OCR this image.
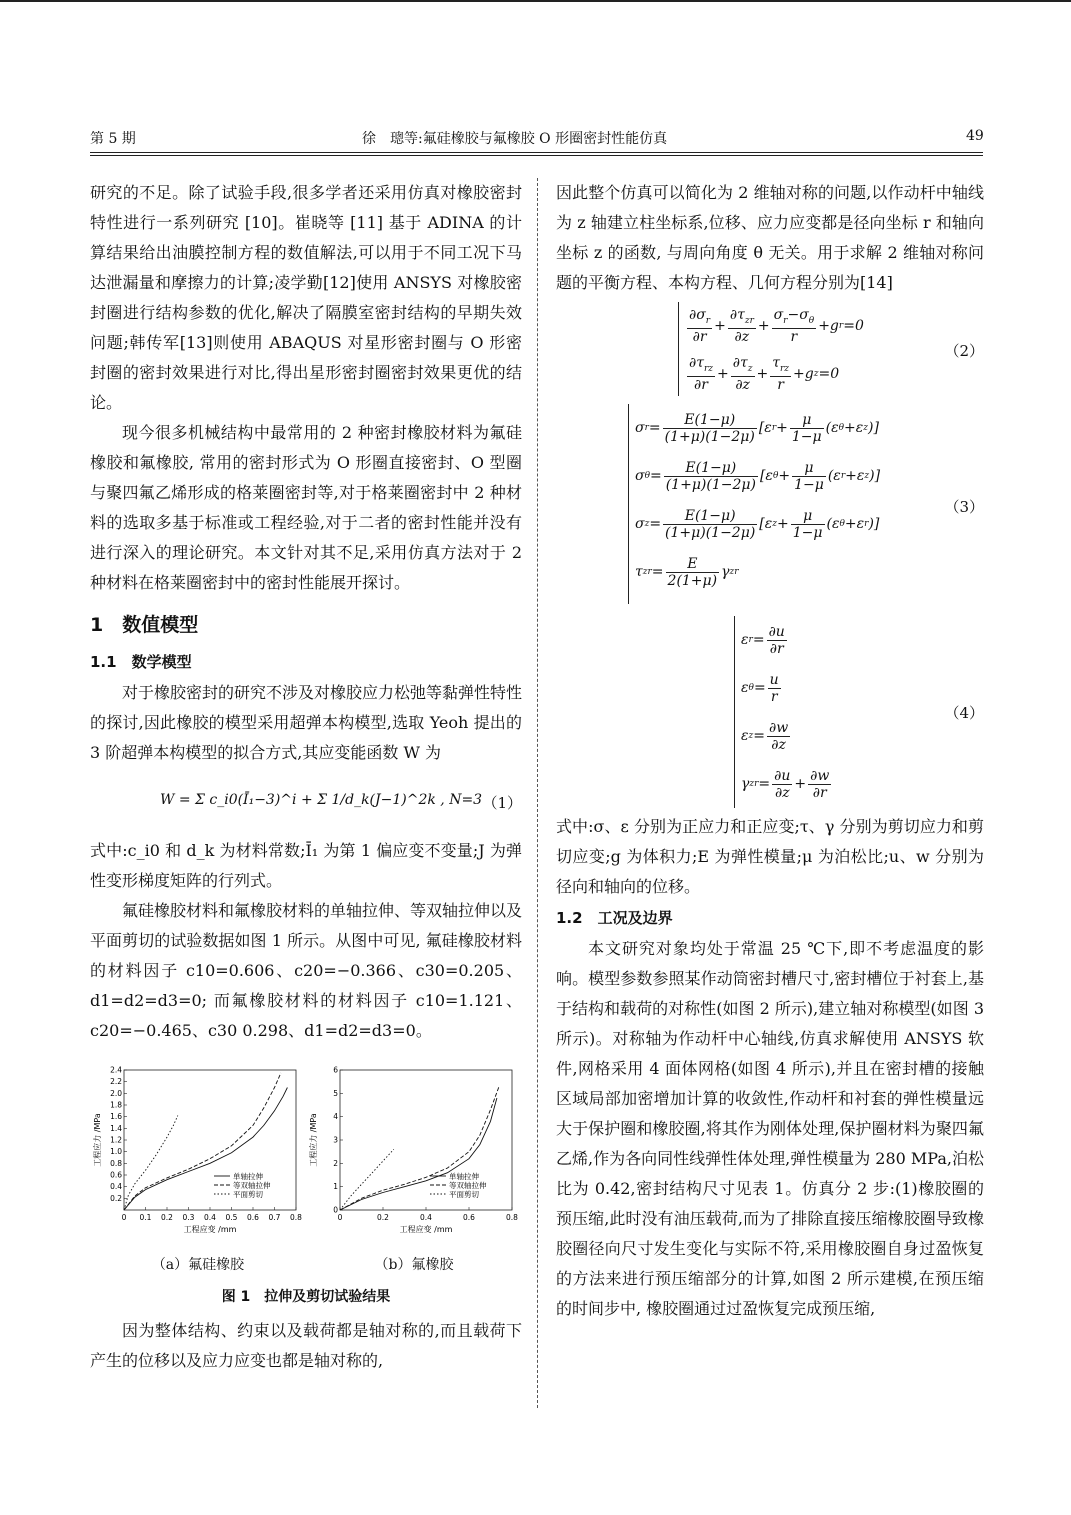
第 5 期	徐　璁等:氟硅橡胶与氟橡胶 O 形圈密封性能仿真	49

研究的不足。除了试验手段,很多学者还采用仿真对橡胶密封特性进行一系列研究 [10]。崔晓等 [11] 基于 ADINA 的计算结果给出油膜控制方程的数值解法,可以用于不同工况下马达泄漏量和摩擦力的计算;凌学勤[12]使用 ANSYS 对橡胶密封圈进行结构参数的优化,解决了隔膜室密封结构的早期失效问题;韩传军[13]则使用 ABAQUS 对星形密封圈与 O 形密封圈的密封效果进行对比,得出星形密封圈密封效果更优的结论。

现今很多机械结构中最常用的 2 种密封橡胶材料为氟硅橡胶和氟橡胶, 常用的密封形式为 O 形圈直接密封、O 型圈与聚四氟乙烯形成的格莱圈密封等,对于格莱圈密封中 2 种材料的选取多基于标准或工程经验,对于二者的密封性能并没有进行深入的理论研究。本文针对其不足,采用仿真方法对于 2 种材料在格莱圈密封中的密封性能展开探讨。

1　数值模型
1.1　数学模型

对于橡胶密封的研究不涉及对橡胶应力松弛等黏弹性特性的探讨,因此橡胶的模型采用超弹本构模型,选取 Yeoh 提出的 3 阶超弹本构模型的拟合方式,其应变能函数 W 为

W = Σ c_i0(Ī₁−3)^i + Σ 1/d_k(J−1)^2k , N=3 （1）

式中:c_i0 和 d_k 为材料常数;Ī₁ 为第 1 偏应变不变量;J 为弹性变形梯度矩阵的行列式。

氟硅橡胶材料和氟橡胶材料的单轴拉伸、等双轴拉伸以及平面剪切的试验数据如图 1 所示。从图中可见, 氟硅橡胶材料的材料因子 c10=0.606、c20=−0.366、c30=0.205、d1=d2=d3=0; 而氟橡胶材料的材料因子 c10=1.121、c20=−0.465、c30 0.298、d1=d2=d3=0。

0 0.1 0.2 0.3 0.4 0.5 0.6 0.7 0.8
0.2
0.4
0.6
0.8
1.0
1.2
1.4
1.6
1.8
2.0
2.2
2.4
工程应变 /mm
工程应力 /MPa
单轴拉伸
等双轴拉伸
平面剪切
0	0.2	0.4	0.6	0.8
0
1
2
3
4
5
6
工程应变 /mm
工程应力 /MPa
单轴拉伸
等双轴拉伸
平面剪切
（a）氟硅橡胶	（b）氟橡胶
图 1　拉伸及剪切试验结果

因为整体结构、约束以及载荷都是轴对称的,而且载荷下产生的位移以及应力应变也都是轴对称的,

因此整个仿真可以简化为 2 维轴对称的问题,以作动杆中轴线为 z 轴建立柱坐标系,位移、应力应变都是径向坐标 r 和轴向坐标 z 的函数, 与周向角度 θ 无关。用于求解 2 维轴对称问题的平衡方程、本构方程、几何方程分别为[14]

$\frac{\partial\sigma_r}{\partial r} + \frac{\partial\tau_{zr}}{\partial z} + \frac{\sigma_r-\sigma_\theta}{r} +g$ r =0
$\frac{\partial\tau_{rz}}{\partial r} + \frac{\partial\tau_z}{\partial z} + \frac{\tau_{rz}}{r} +g$ z =0
（2）
σ $r = \frac{E(1-\mu)}{(1+\mu)(1-2\mu)} [\varepsilon$ $r + \frac{\mu}{1-\mu} (\varepsilon$ θ +ε z )]
σ $\theta = \frac{E(1-\mu)}{(1+\mu)(1-2\mu)} [\varepsilon$ $\theta + \frac{\mu}{1-\mu} (\varepsilon$ r +ε z )]
σ $z = \frac{E(1-\mu)}{(1+\mu)(1-2\mu)} [\varepsilon$ $z + \frac{\mu}{1-\mu} (\varepsilon$ θ +ε r )]
τ zr = $\frac{E}{2(1+\mu)}$ γ zr
（3）
ε $r = \frac{\partial u}{\partial r}$
ε $\theta = \frac{u}{r}$
ε $z = \frac{\partial w}{\partial z}$
γ zr = $\frac{\partial u}{\partial z} + \frac{\partial w}{\partial r}$
（4）

式中:σ、ε 分别为正应力和正应变;τ、γ 分别为剪切应力和剪切应变;g 为体积力;E 为弹性模量;μ 为泊松比;u、w 分别为径向和轴向的位移。

1.2　工况及边界

本文研究对象均处于常温 25 ℃下,即不考虑温度的影响。模型参数参照某作动筒密封槽尺寸,密封槽位于衬套上,基于结构和载荷的对称性(如图 2 所示),建立轴对称模型(如图 3 所示)。对称轴为作动杆中心轴线,仿真求解使用 ANSYS 软件,网格采用 4 面体网格(如图 4 所示),并且在密封槽的接触区域局部加密增加计算的收敛性,作动杆和衬套的弹性模量远大于保护圈和橡胶圈,将其作为刚体处理,保护圈材料为聚四氟乙烯,作为各向同性线弹性体处理,弹性模量为 280 MPa,泊松比为 0.42,密封结构尺寸见表 1。仿真分 2 步:(1)橡胶圈的预压缩,此时没有油压载荷,而为了排除直接压缩橡胶圈导致橡胶圈径向尺寸发生变化与实际不符,采用橡胶圈自身过盈恢复的方法来进行预压缩部分的计算,如图 2 所示建模,在预压缩的时间步中, 橡胶圈通过过盈恢复完成预压缩,
